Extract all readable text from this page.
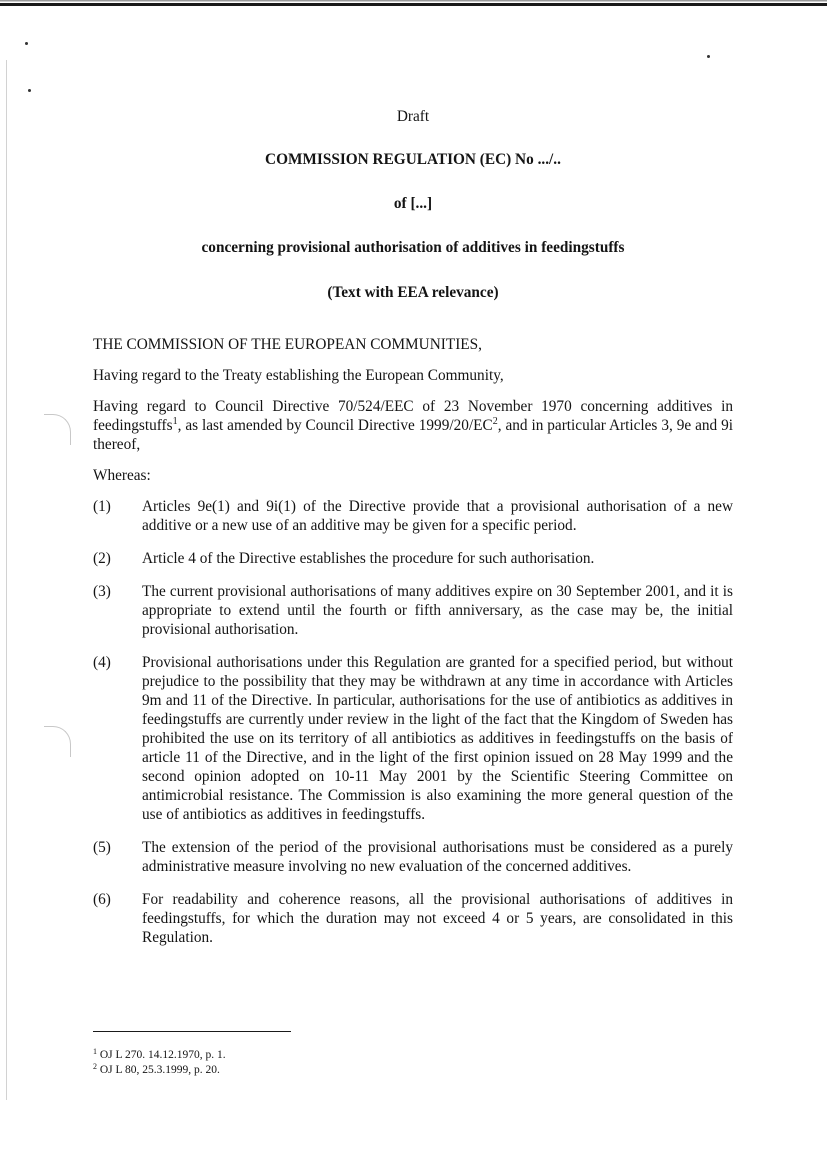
Draft

COMMISSION REGULATION (EC) No .../..

of [...]

concerning provisional authorisation of additives in feedingstuffs

(Text with EEA relevance)

THE COMMISSION OF THE EUROPEAN COMMUNITIES,

Having regard to the Treaty establishing the European Community,

Having regard to Council Directive 70/524/EEC of 23 November 1970 concerning additives in feedingstuffs$^1$, as last amended by Council Directive $1999/20/EC^2$, and in particular Articles 3, 9e and 9i thereof,

Whereas:

(1)	Articles 9e(1) and 9i(1) of the Directive provide that a provisional authorisation of a new additive or a new use of an additive may be given for a specific period.
(2)	Article 4 of the Directive establishes the procedure for such authorisation.
(3)	The current provisional authorisations of many additives expire on 30 September 2001, and it is appropriate to extend until the fourth or fifth anniversary, as the case may be, the initial provisional authorisation.
(4)	Provisional authorisations under this Regulation are granted for a specified period, but without prejudice to the possibility that they may be withdrawn at any time in accordance with Articles 9m and 11 of the Directive. In particular, authorisations for the use of antibiotics as additives in feedingstuffs are currently under review in the light of the fact that the Kingdom of Sweden has prohibited the use on its territory of all antibiotics as additives in feedingstuffs on the basis of article 11 of the Directive, and in the light of the first opinion issued on 28 May 1999 and the second opinion adopted on 10-11 May 2001 by the Scientific Steering Committee on antimicrobial resistance. The Commission is also examining the more general question of the use of antibiotics as additives in feedingstuffs.
(5)	The extension of the period of the provisional authorisations must be considered as a purely administrative measure involving no new evaluation of the concerned additives.
(6)	For readability and coherence reasons, all the provisional authorisations of additives in feedingstuffs, for which the duration may not exceed 4 or 5 years, are consolidated in this Regulation.

$^1$ OJ L 270. 14.12.1970, p. 1.

$^2$ OJ L 80, 25.3.1999, p. 20.
